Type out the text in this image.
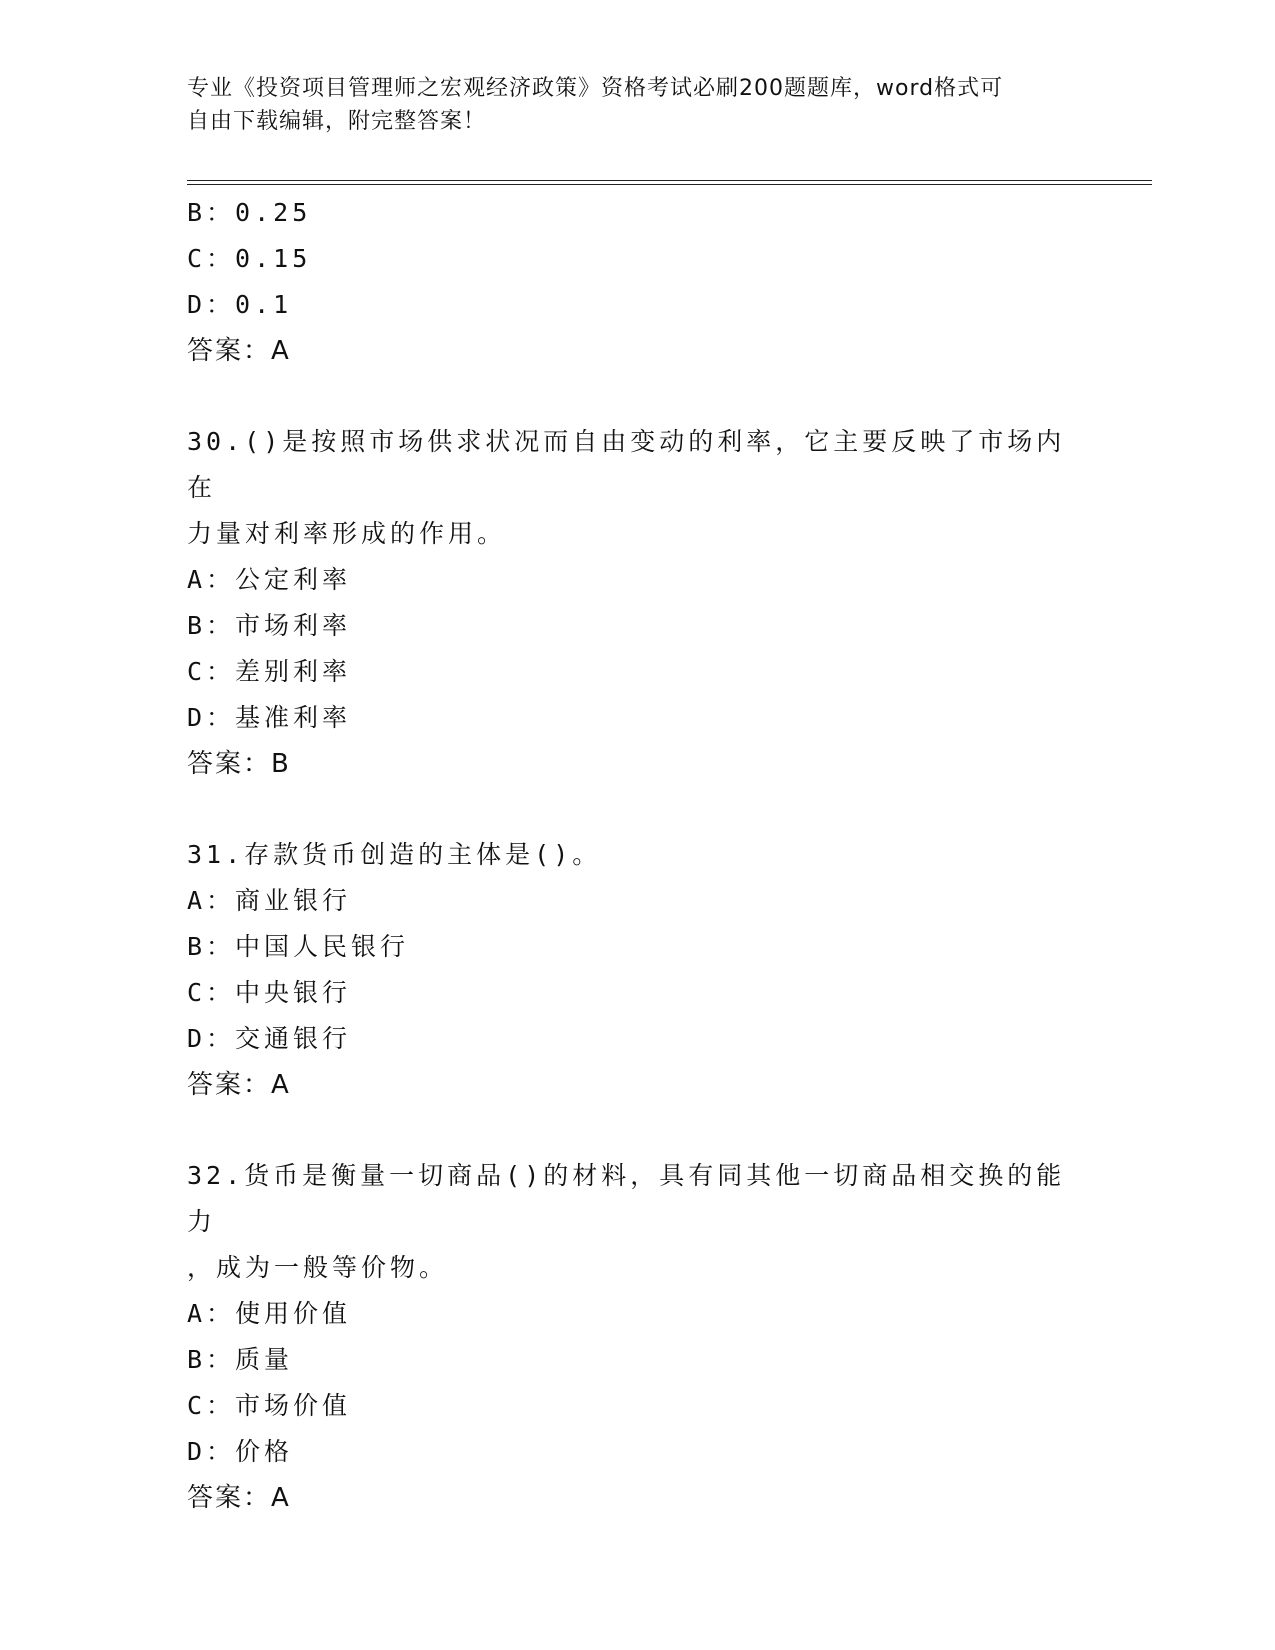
专业《投资项目管理师之宏观经济政策》资格考试必刷200题题库，word格式可
自由下载编辑，附完整答案！
B：0.25
C：0.15
D：0.1
答案：A
30.()是按照市场供求状况而自由变动的利率，它主要反映了市场内在
力量对利率形成的作用。
A：公定利率
B：市场利率
C：差别利率
D：基准利率
答案：B
31.存款货币创造的主体是()。
A：商业银行
B：中国人民银行
C：中央银行
D：交通银行
答案：A
32.货币是衡量一切商品()的材料，具有同其他一切商品相交换的能力
，成为一般等价物。
A：使用价值
B：质量
C：市场价值
D：价格
答案：A
